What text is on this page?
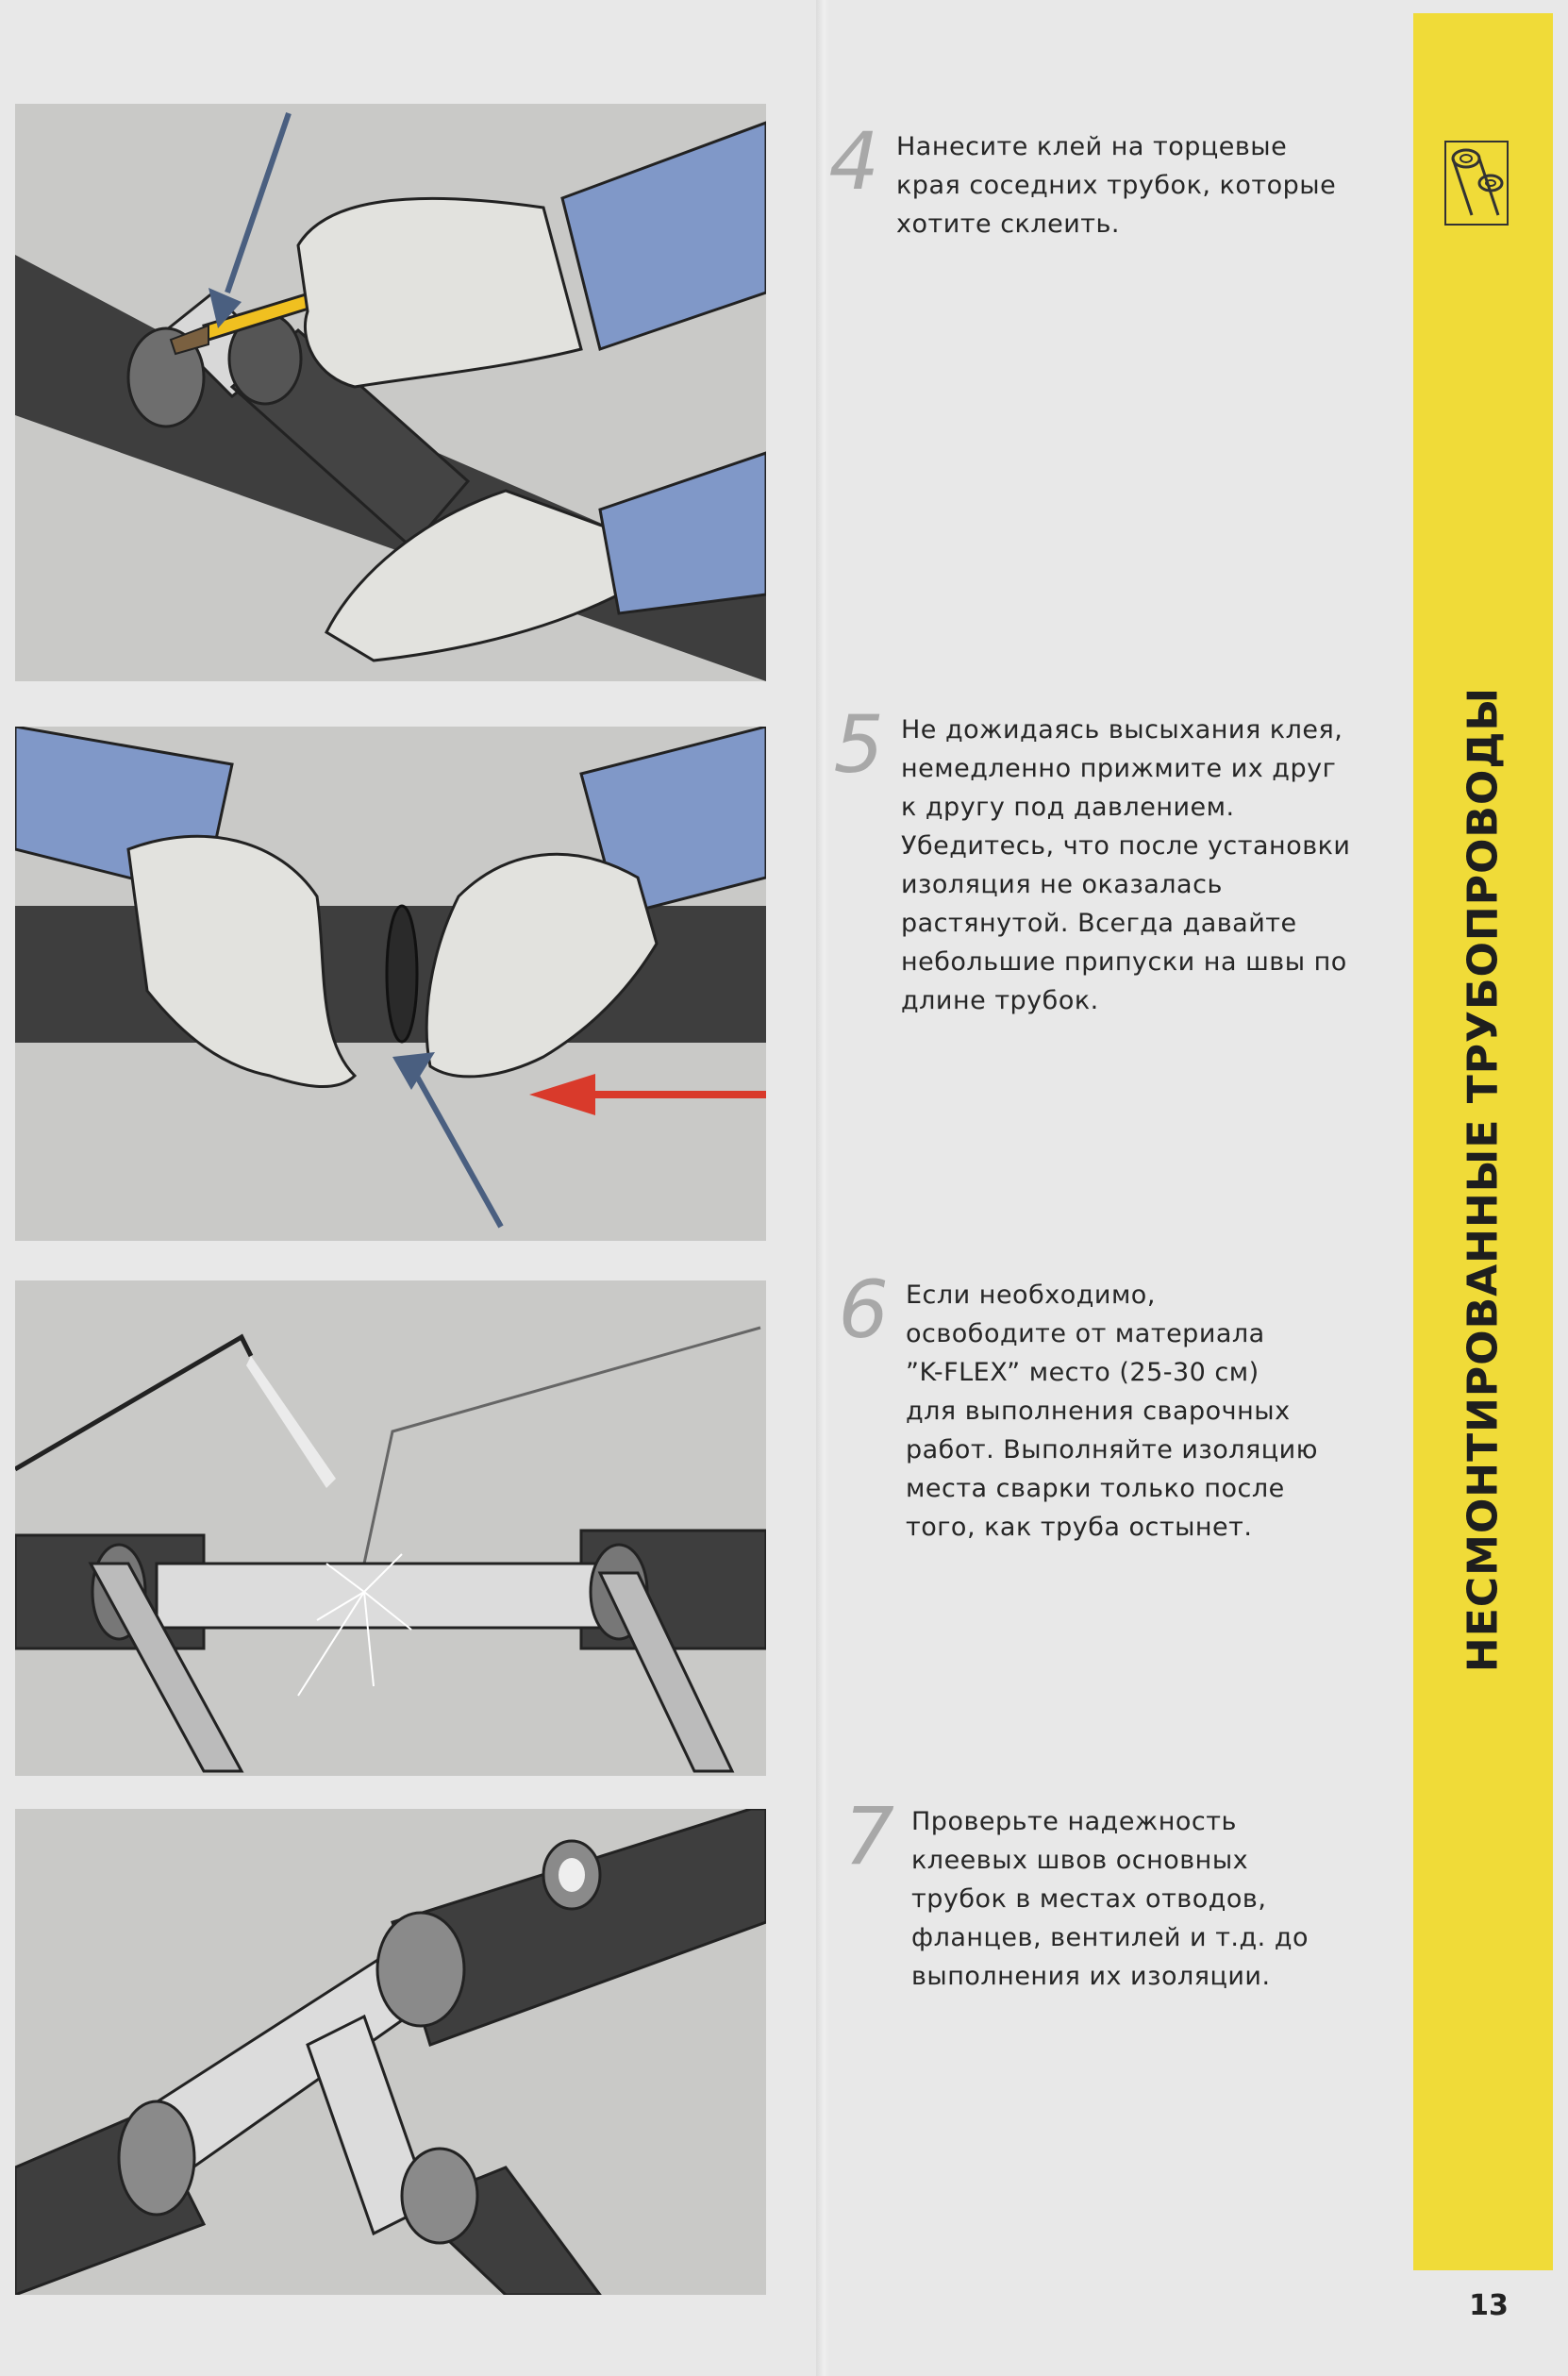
4 Нанесите клей на торцевые
края соседних трубок, которые
хотите склеить.
5 Не дожидаясь высыхания клея,
немедленно прижмите их друг
к другу под давлением.
Убедитесь, что после установки
изоляция не оказалась
растянутой. Всегда давайте
небольшие припуски на швы по
длине трубок.
6 Если необходимо,
освободите от материала
”K-FLEX” место (25-30 см)
для выполнения сварочных
работ. Выполняйте изоляцию
места сварки только после
того, как труба остынет.
7 Проверьте надежность
клеевых швов основных
трубок в местах отводов,
фланцев, вентилей и т.д. до
выполнения их изоляции.
НЕСМОНТИРОВАННЫЕ ТРУБОПРОВОДЫ
13
